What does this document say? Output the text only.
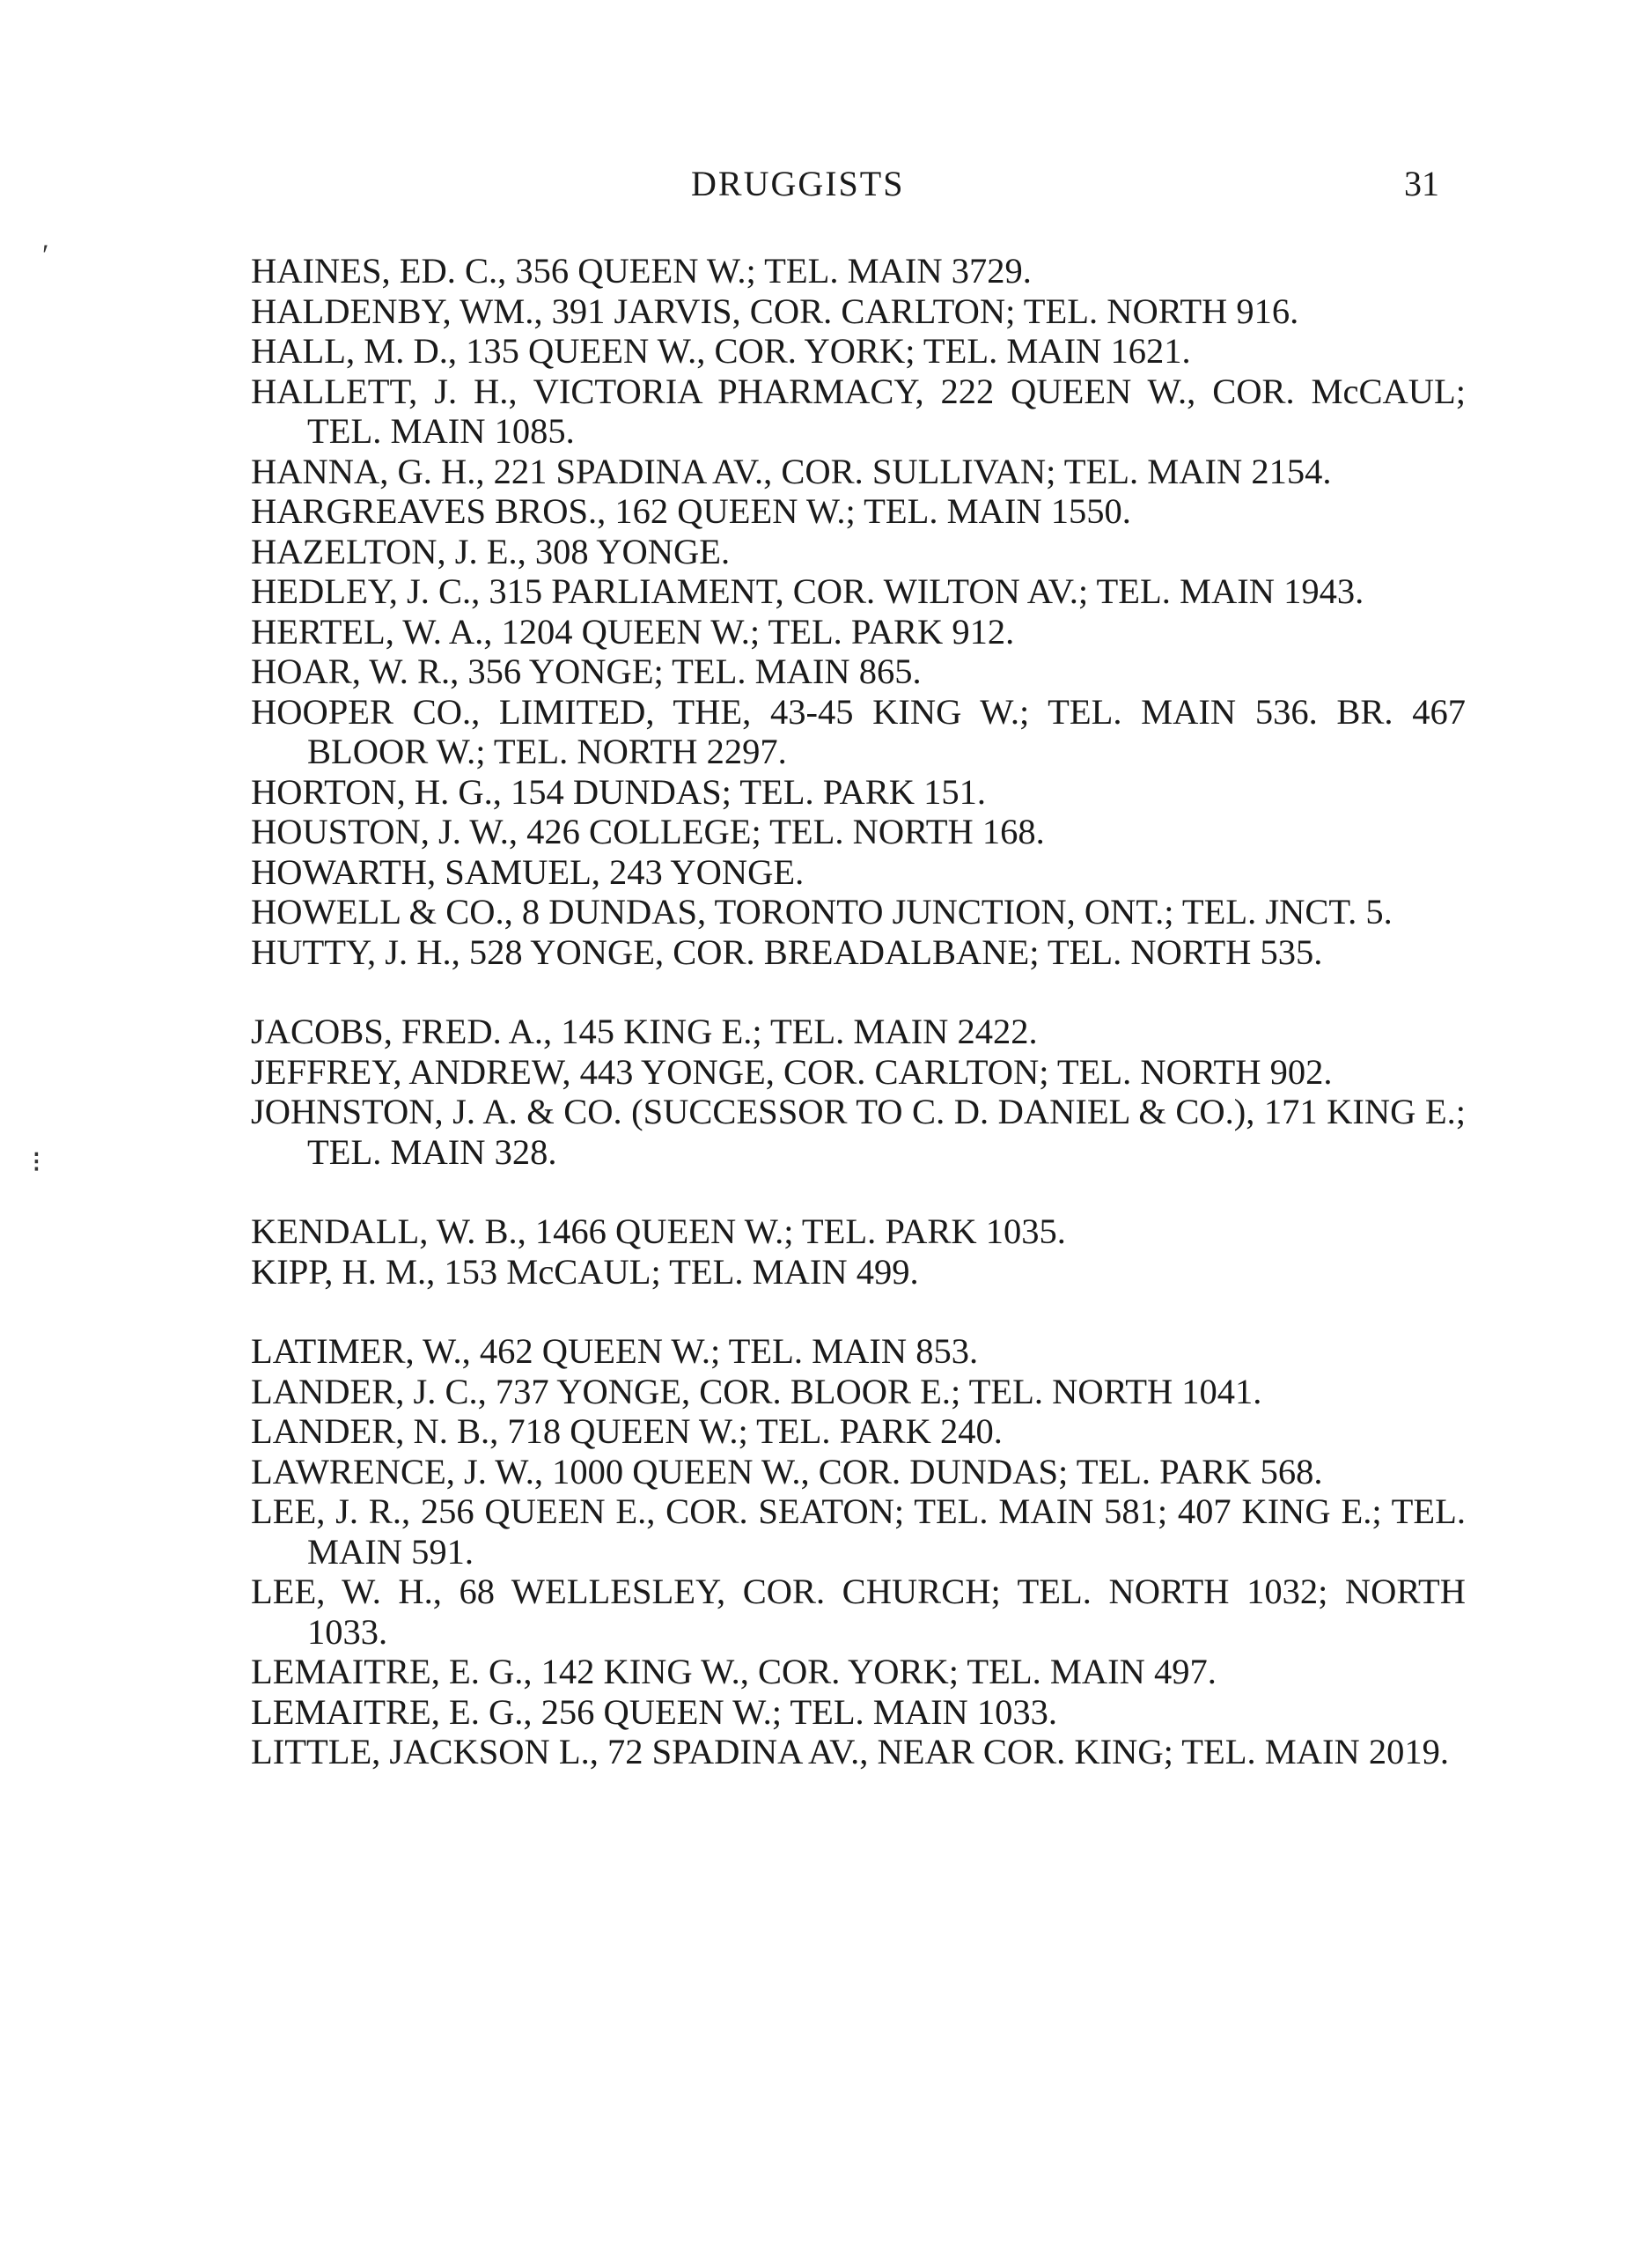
DRUGGISTS	31
ʹ
⁝
HAINES, ED. C., 356 QUEEN W.; TEL. MAIN 3729.
HALDENBY, WM., 391 JARVIS, COR. CARLTON; TEL. NORTH 916.
HALL, M. D., 135 QUEEN W., COR. YORK; TEL. MAIN 1621.
HALLETT, J. H., VICTORIA PHARMACY, 222 QUEEN W., COR. McCAUL; TEL. MAIN 1085.
HANNA, G. H., 221 SPADINA AV., COR. SULLIVAN; TEL. MAIN 2154.
HARGREAVES BROS., 162 QUEEN W.; TEL. MAIN 1550.
HAZELTON, J. E., 308 YONGE.
HEDLEY, J. C., 315 PARLIAMENT, COR. WILTON AV.; TEL. MAIN 1943.
HERTEL, W. A., 1204 QUEEN W.; TEL. PARK 912.
HOAR, W. R., 356 YONGE; TEL. MAIN 865.
HOOPER CO., LIMITED, THE, 43-45 KING W.; TEL. MAIN 536. BR. 467 BLOOR W.; TEL. NORTH 2297.
HORTON, H. G., 154 DUNDAS; TEL. PARK 151.
HOUSTON, J. W., 426 COLLEGE; TEL. NORTH 168.
HOWARTH, SAMUEL, 243 YONGE.
HOWELL & CO., 8 DUNDAS, TORONTO JUNCTION, ONT.; TEL. JNCT. 5.
HUTTY, J. H., 528 YONGE, COR. BREADALBANE; TEL. NORTH 535.
JACOBS, FRED. A., 145 KING E.; TEL. MAIN 2422.
JEFFREY, ANDREW, 443 YONGE, COR. CARLTON; TEL. NORTH 902.
JOHNSTON, J. A. & CO. (SUCCESSOR TO C. D. DANIEL & CO.), 171 KING E.; TEL. MAIN 328.
KENDALL, W. B., 1466 QUEEN W.; TEL. PARK 1035.
KIPP, H. M., 153 McCAUL; TEL. MAIN 499.
LATIMER, W., 462 QUEEN W.; TEL. MAIN 853.
LANDER, J. C., 737 YONGE, COR. BLOOR E.; TEL. NORTH 1041.
LANDER, N. B., 718 QUEEN W.; TEL. PARK 240.
LAWRENCE, J. W., 1000 QUEEN W., COR. DUNDAS; TEL. PARK 568.
LEE, J. R., 256 QUEEN E., COR. SEATON; TEL. MAIN 581; 407 KING E.; TEL. MAIN 591.
LEE, W. H., 68 WELLESLEY, COR. CHURCH; TEL. NORTH 1032; NORTH 1033.
LEMAITRE, E. G., 142 KING W., COR. YORK; TEL. MAIN 497.
LEMAITRE, E. G., 256 QUEEN W.; TEL. MAIN 1033.
LITTLE, JACKSON L., 72 SPADINA AV., NEAR COR. KING; TEL. MAIN 2019.
